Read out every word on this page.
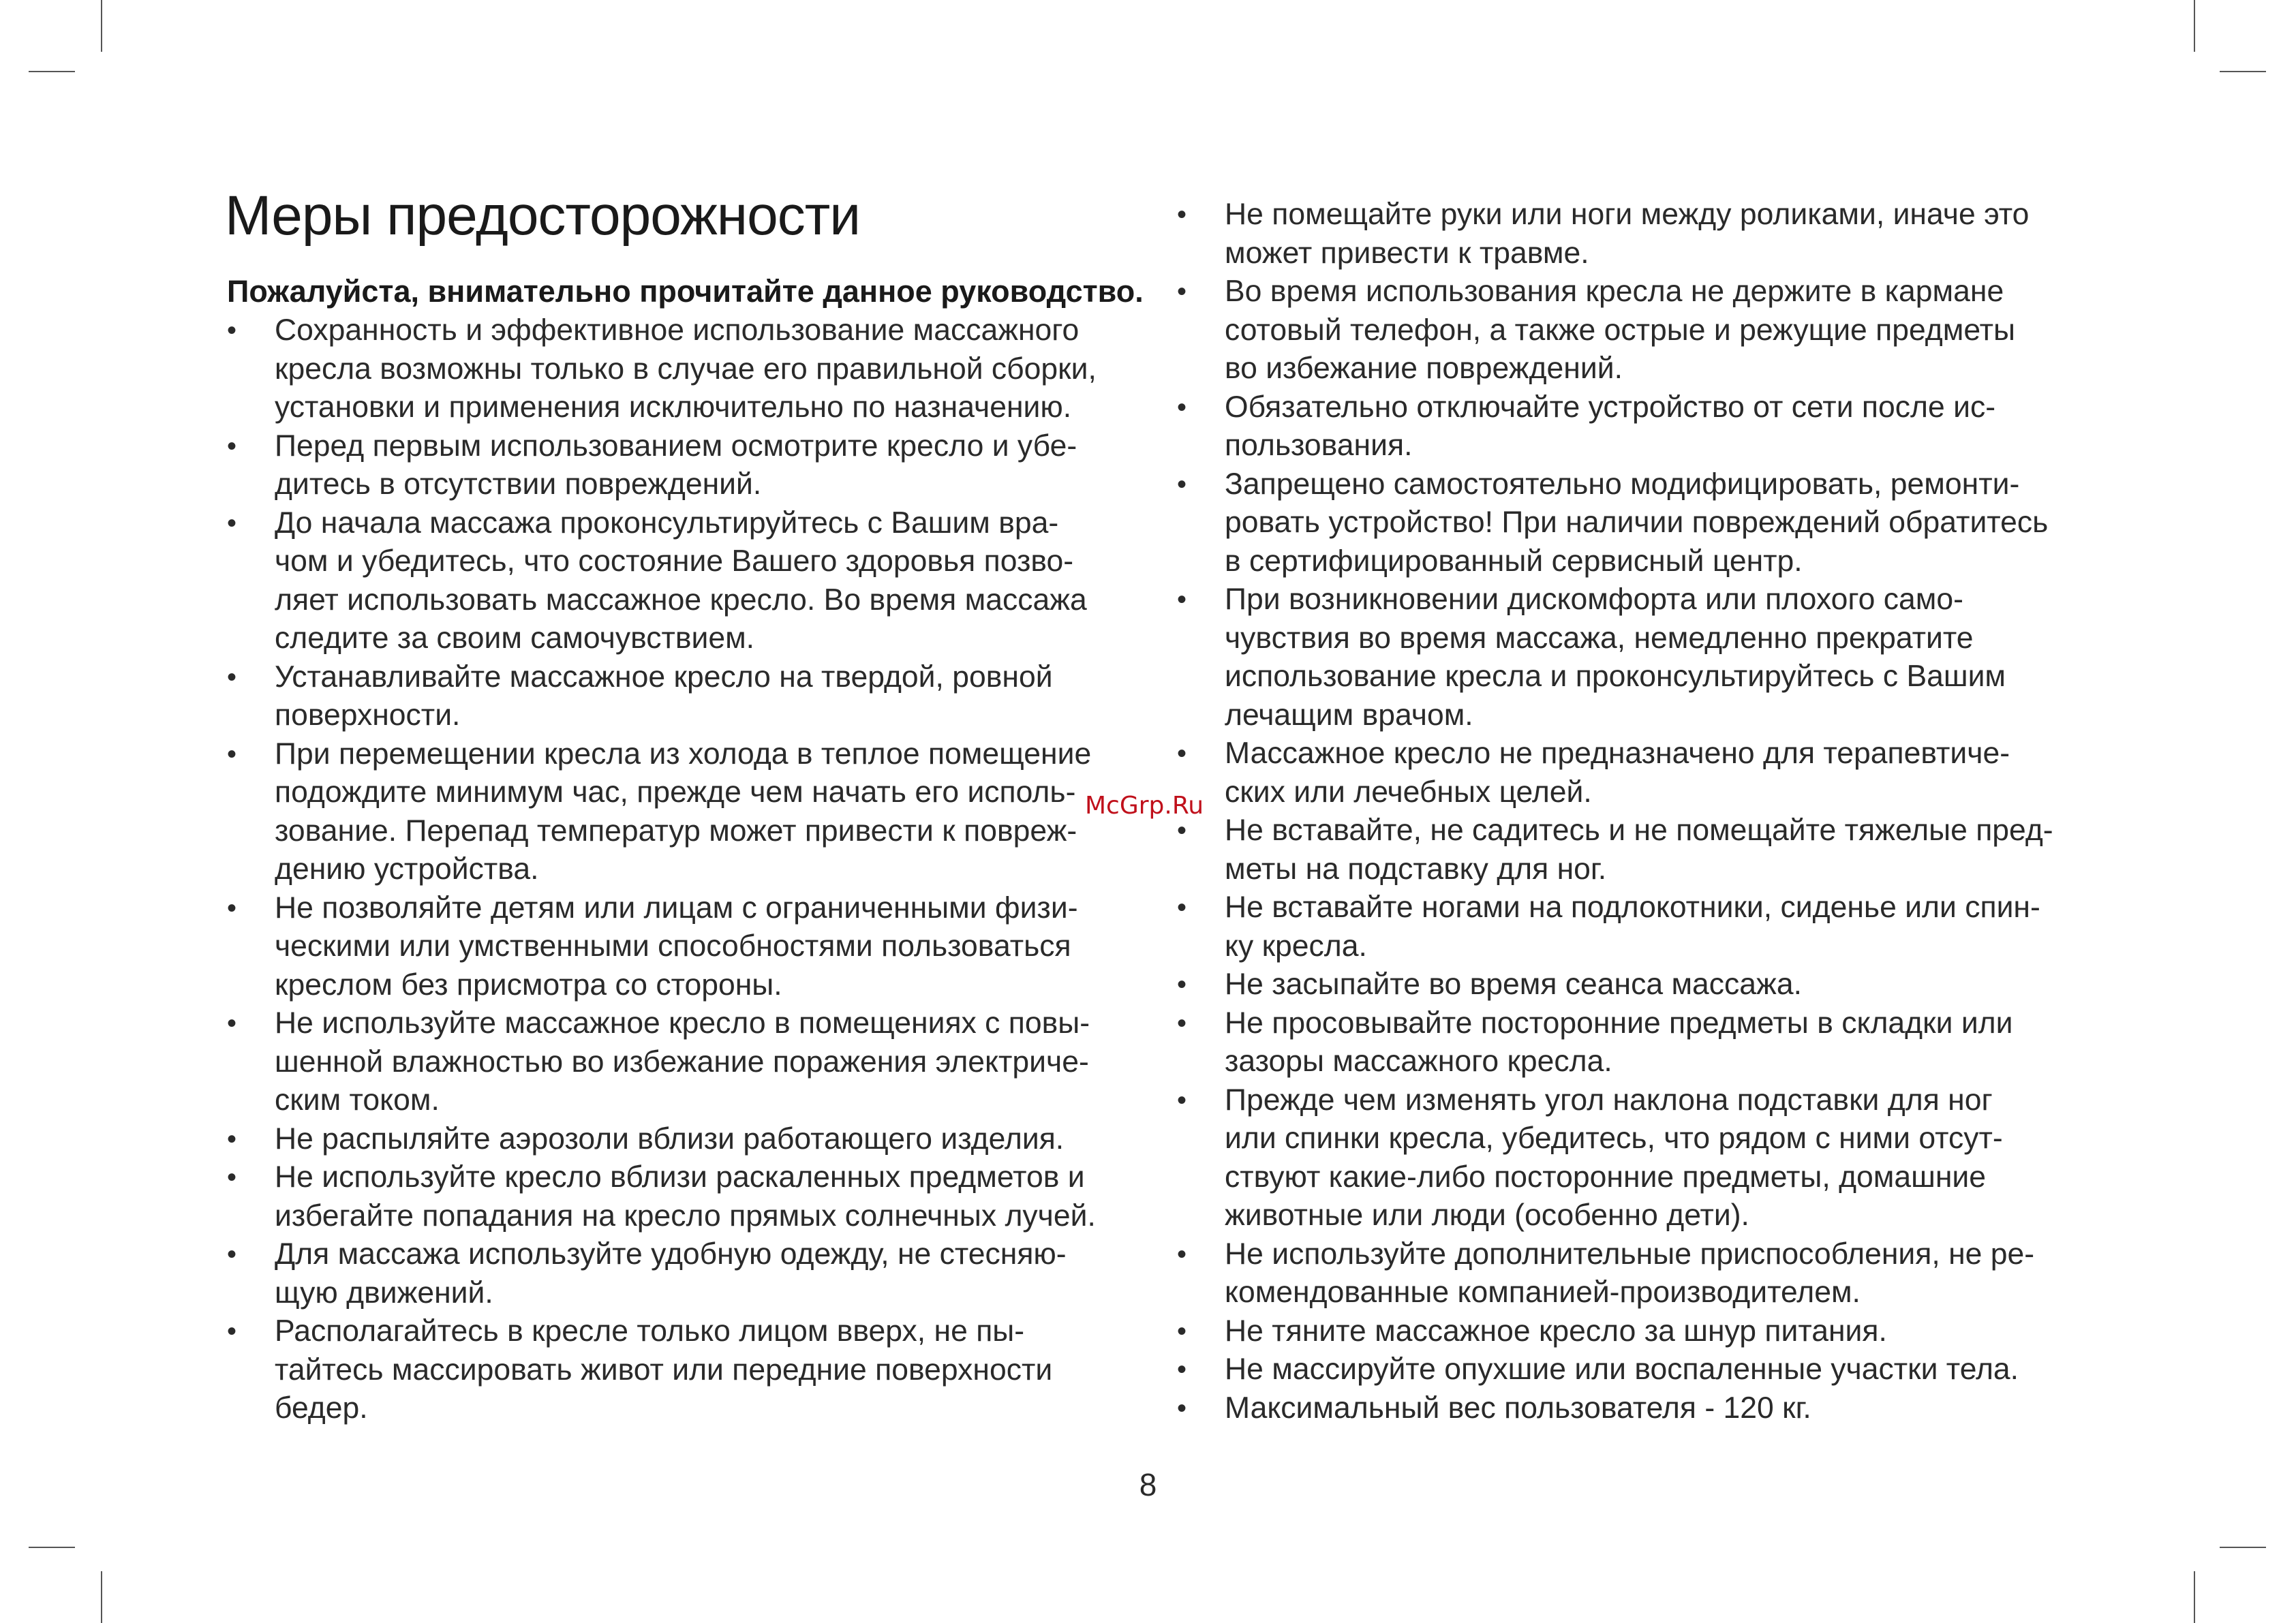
Меры предосторожности

Пожалуйста, внимательно прочитайте данное руководство.

•	Сохранность и эффективное использование массажного
кресла возможны только в случае его правильной сборки,
установки и применения исключительно по назначению.
•	Перед первым использованием осмотрите кресло и убе-
дитесь в отсутствии повреждений.
•	До начала массажа проконсультируйтесь с Вашим вра-
чом и убедитесь, что состояние Вашего здоровья позво-
ляет использовать массажное кресло. Во время массажа
следите за своим самочувствием.
•	Устанавливайте массажное кресло на твердой, ровной
поверхности.
•	При перемещении кресла из холода в теплое помещение
подождите минимум час, прежде чем начать его исполь-
зование. Перепад температур может привести к повреж-
дению устройства.
•	Не позволяйте детям или лицам с ограниченными физи-
ческими или умственными способностями пользоваться
креслом без присмотра со стороны.
•	Не используйте массажное кресло в помещениях с повы-
шенной влажностью во избежание поражения электриче-
ским током.
•	Не распыляйте аэрозоли вблизи работающего изделия.
•	Не используйте кресло вблизи раскаленных предметов и
избегайте попадания на кресло прямых солнечных лучей.
•	Для массажа используйте удобную одежду, не стесняю-
щую движений.
•	Располагайтесь в кресле только лицом вверх, не пы-
тайтесь массировать живот или передние поверхности
бедер.
•	Не помещайте руки или ноги между роликами, иначе это
может привести к травме.
•	Во время использования кресла не держите в кармане
сотовый телефон, а также острые и режущие предметы
во избежание повреждений.
•	Обязательно отключайте устройство от сети после ис-
пользования.
•	Запрещено самостоятельно модифицировать, ремонти-
ровать устройство! При наличии повреждений обратитесь
в сертифицированный сервисный центр.
•	При возникновении дискомфорта или плохого само-
чувствия во время массажа, немедленно прекратите
использование кресла и проконсультируйтесь с Вашим
лечащим врачом.
•	Массажное кресло не предназначено для терапевтиче-
ских или лечебных целей.
•	Не вставайте, не садитесь и не помещайте тяжелые пред-
меты на подставку для ног.
•	Не вставайте ногами на подлокотники, сиденье или спин-
ку кресла.
•	Не засыпайте во время сеанса массажа.
•	Не просовывайте посторонние предметы в складки или
зазоры массажного кресла.
•	Прежде чем изменять угол наклона подставки для ног
или спинки кресла, убедитесь, что рядом с ними отсут-
ствуют какие-либо посторонние предметы, домашние
животные или люди (особенно дети).
•	Не используйте дополнительные приспособления, не ре-
комендованные компанией-производителем.
•	Не тяните массажное кресло за шнур питания.
•	Не массируйте опухшие или воспаленные участки тела.
•	Максимальный вес пользователя - 120 кг.
McGrp.Ru
8
